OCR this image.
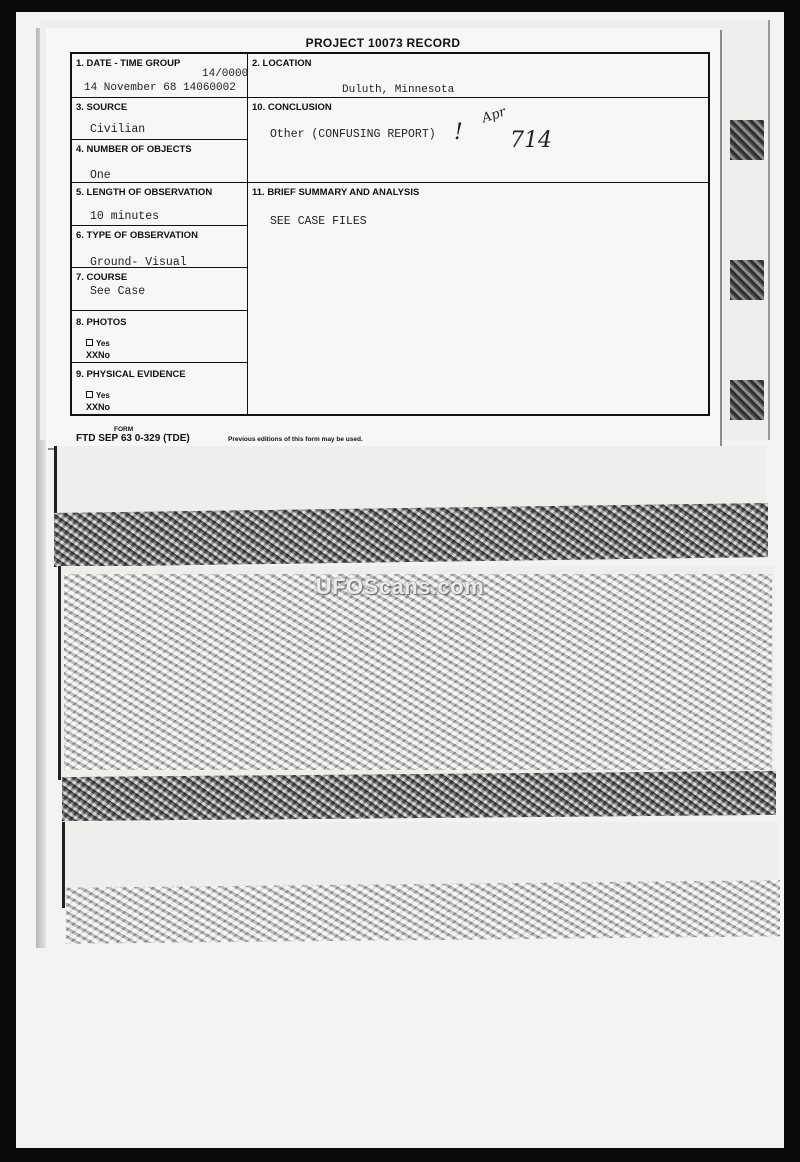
PROJECT 10073 RECORD
1. DATE - TIME GROUP
14/0000
14 November 68 14060002
3. SOURCE
Civilian
4. NUMBER OF OBJECTS
One
5. LENGTH OF OBSERVATION
10 minutes
6. TYPE OF OBSERVATION
Ground- Visual
7. COURSE
See Case
8. PHOTOS
Yes
XXNo
9. PHYSICAL EVIDENCE
Yes
XXNo
2. LOCATION
Duluth, Minnesota
10. CONCLUSION
Other (CONFUSING REPORT) !
Apr
714
11. BRIEF SUMMARY AND ANALYSIS
SEE CASE FILES
FORM
FTD SEP 63 0-329 (TDE)	Previous editions of this form may be used.
UFOScans.com
